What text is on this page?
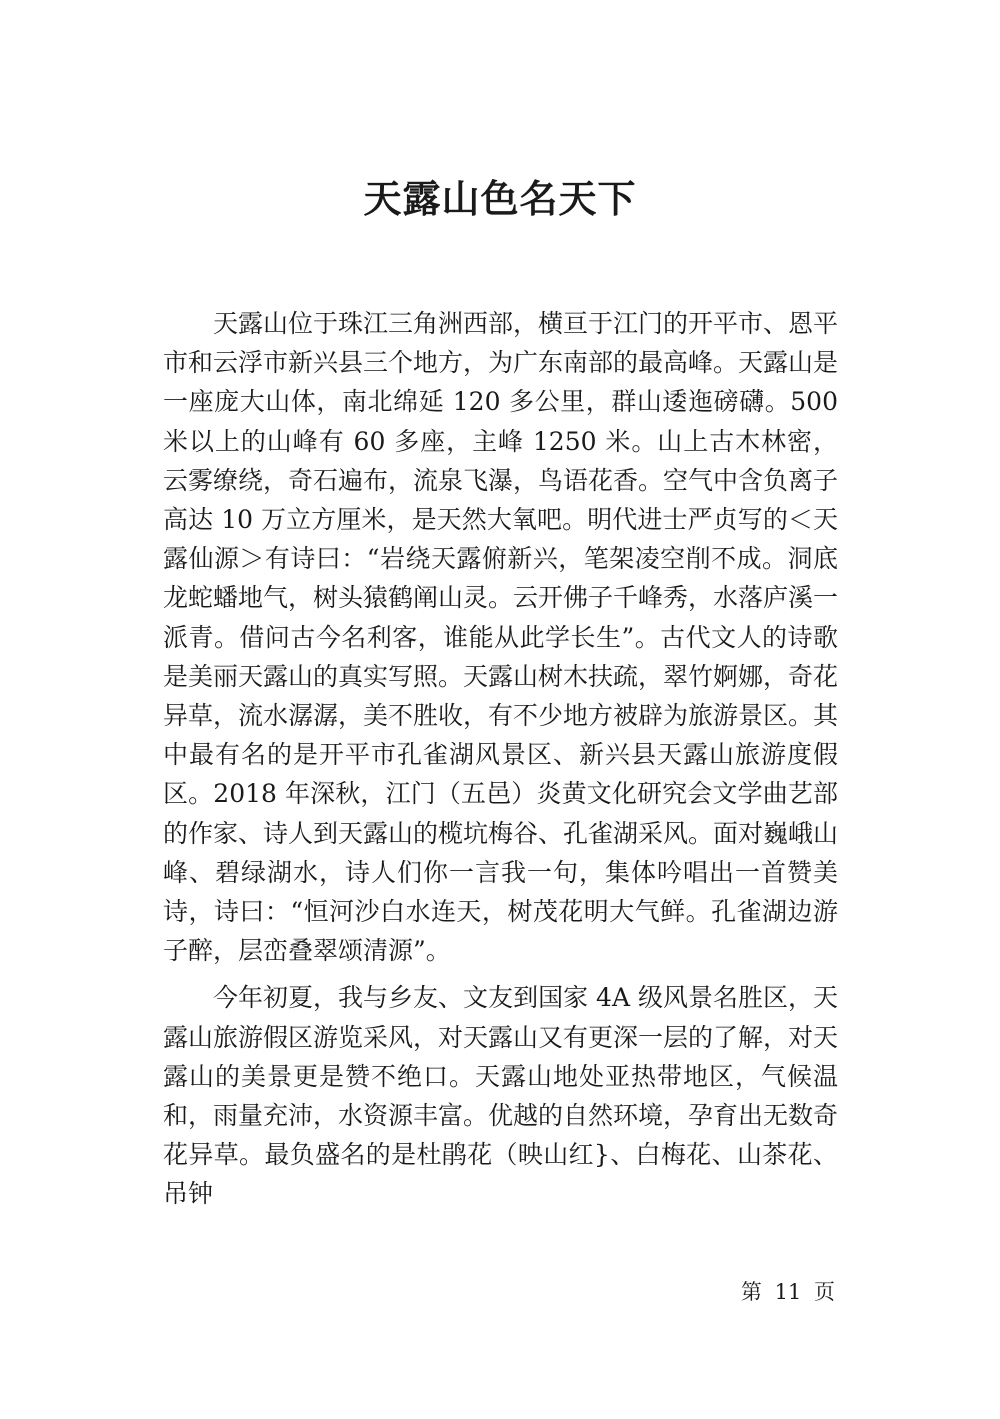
天露山色名天下

天露山位于珠江三角洲西部，横亘于江门的开平市、恩平市和云浮市新兴县三个地方，为广东南部的最高峰。天露山是一座庞大山体，南北绵延 120 多公里，群山逶迤磅礴。500 米以上的山峰有 60 多座，主峰 1250 米。山上古木林密，云雾缭绕，奇石遍布，流泉飞瀑，鸟语花香。空气中含负离子高达 10 万立方厘米，是天然大氧吧。明代进士严贞写的＜天露仙源＞有诗曰：“岩绕天露俯新兴，笔架凌空削不成。洞底龙蛇蟠地气，树头猿鹤阐山灵。云开佛子千峰秀，水落庐溪一派青。借问古今名利客，谁能从此学长生”。古代文人的诗歌是美丽天露山的真实写照。天露山树木扶疏，翠竹婀娜，奇花异草，流水潺潺，美不胜收，有不少地方被辟为旅游景区。其中最有名的是开平市孔雀湖风景区、新兴县天露山旅游度假区。2018 年深秋，江门（五邑）炎黄文化研究会文学曲艺部的作家、诗人到天露山的榄坑梅谷、孔雀湖采风。面对巍峨山峰、碧绿湖水，诗人们你一言我一句，集体吟唱出一首赞美诗，诗曰：“恒河沙白水连天，树茂花明大气鲜。孔雀湖边游子醉，层峦叠翠颂清源”。

今年初夏，我与乡友、文友到国家 4A 级风景名胜区，天露山旅游假区游览采风，对天露山又有更深一层的了解，对天露山的美景更是赞不绝口。天露山地处亚热带地区，气候温和，雨量充沛，水资源丰富。优越的自然环境，孕育出无数奇花异草。最负盛名的是杜鹃花（映山红}、白梅花、山茶花、吊钟

第 11 页
